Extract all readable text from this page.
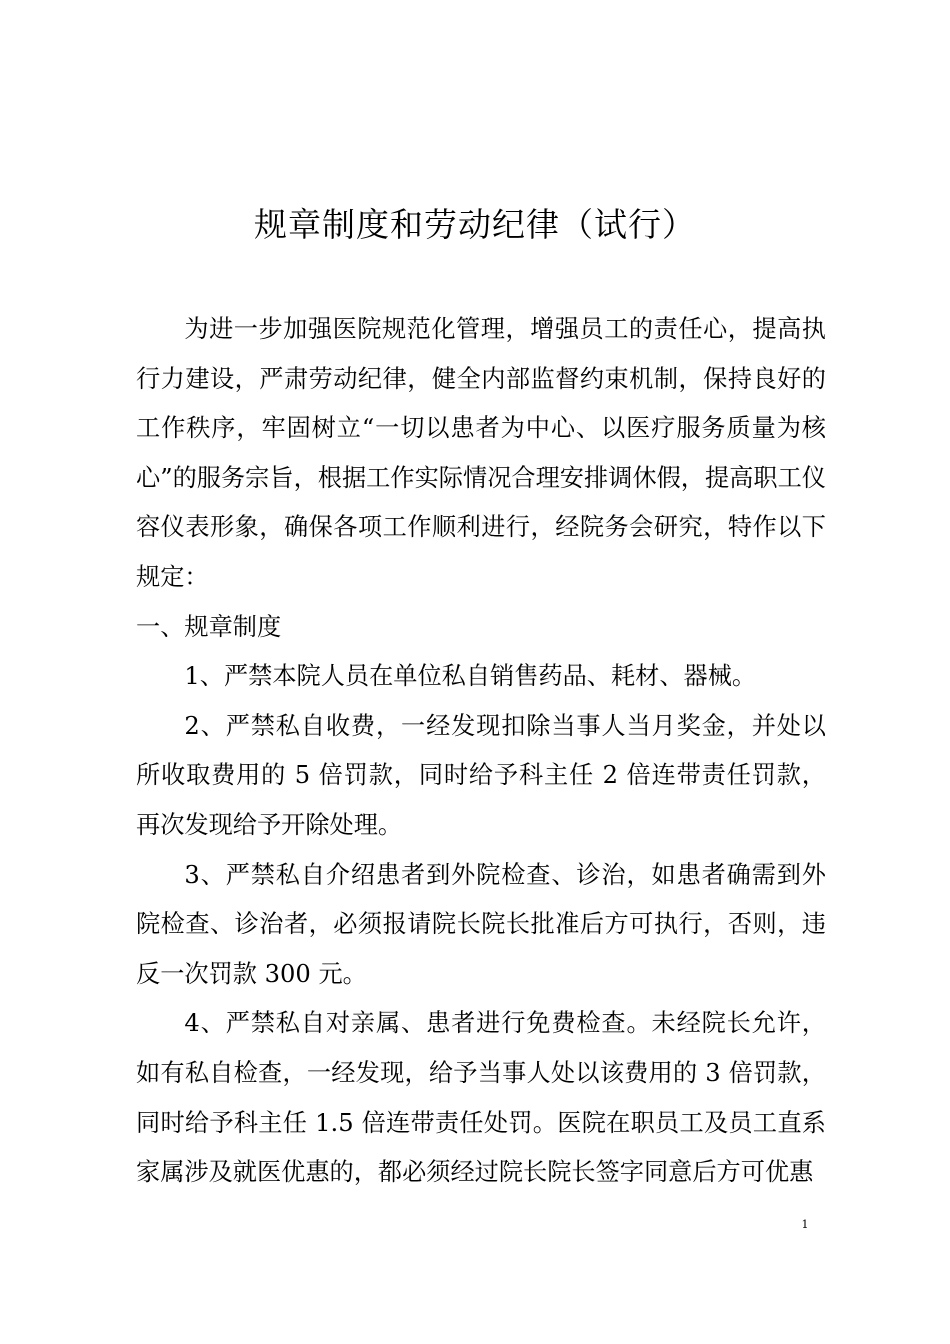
规章制度和劳动纪律（试行）

为进一步加强医院规范化管理，增强员工的责任心，提高执行力建设，严肃劳动纪律，健全内部监督约束机制，保持良好的工作秩序，牢固树立“一切以患者为中心、以医疗服务质量为核心”的服务宗旨，根据工作实际情况合理安排调休假，提高职工仪容仪表形象，确保各项工作顺利进行，经院务会研究，特作以下规定：

一、规章制度

1、严禁本院人员在单位私自销售药品、耗材、器械。

2、严禁私自收费，一经发现扣除当事人当月奖金，并处以所收取费用的 5 倍罚款，同时给予科主任 2 倍连带责任罚款，再次发现给予开除处理。

3、严禁私自介绍患者到外院检查、诊治，如患者确需到外院检查、诊治者，必须报请院长院长批准后方可执行，否则，违反一次罚款 300 元。

4、严禁私自对亲属、患者进行免费检查。未经院长允许，如有私自检查，一经发现，给予当事人处以该费用的 3 倍罚款，同时给予科主任 1.5 倍连带责任处罚。医院在职员工及员工直系家属涉及就医优惠的，都必须经过院长院长签字同意后方可优惠

1
